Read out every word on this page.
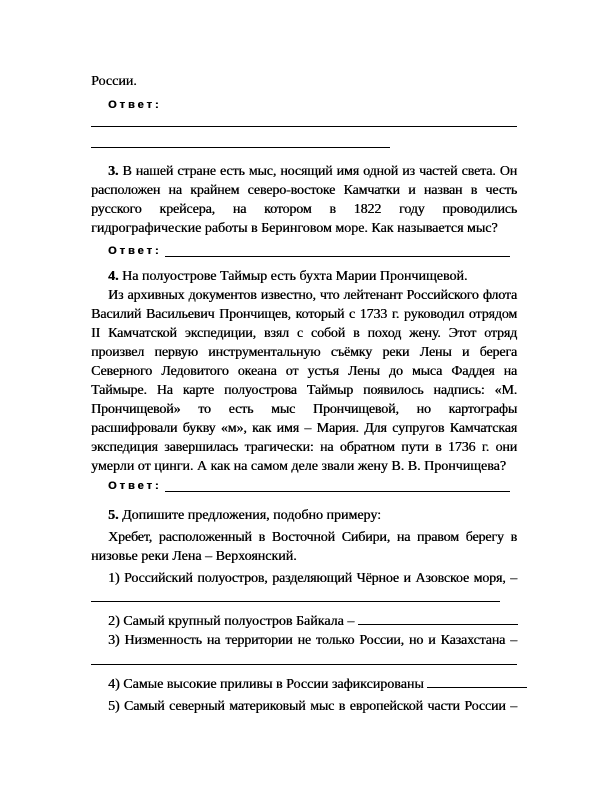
России.
Ответ:
3. В нашей стране есть мыс, носящий имя одной из частей света. Он
расположен на крайнем северо-востоке Камчатки и назван в честь
русского крейсера, на котором в 1822 году проводились
гидрографические работы в Беринговом море. Как называется мыс?
Ответ:
4. На полуострове Таймыр есть бухта Марии Прончищевой.
Из архивных документов известно, что лейтенант Российского флота
Василий Васильевич Прончищев, который с 1733 г. руководил отрядом
II Камчатской экспедиции, взял с собой в поход жену. Этот отряд
произвел первую инструментальную съёмку реки Лены и берега
Северного Ледовитого океана от устья Лены до мыса Фаддея на
Таймыре. На карте полуострова Таймыр появилось надпись: «М.
Прончищевой» то есть мыс Прончищевой, но картографы
расшифровали букву «м», как имя – Мария. Для супругов Камчатская
экспедиция завершилась трагически: на обратном пути в 1736 г. они
умерли от цинги. А как на самом деле звали жену В. В. Прончищева?
Ответ:
5. Допишите предложения, подобно примеру:
Хребет, расположенный в Восточной Сибири, на правом берегу в
низовье реки Лена – Верхоянский.
1) Российский полуостров, разделяющий Чёрное и Азовское моря, –
2) Самый крупный полуостров Байкала –
3) Низменность на территории не только России, но и Казахстана –
4) Самые высокие приливы в России зафиксированы
5) Самый северный материковый мыс в европейской части России –
